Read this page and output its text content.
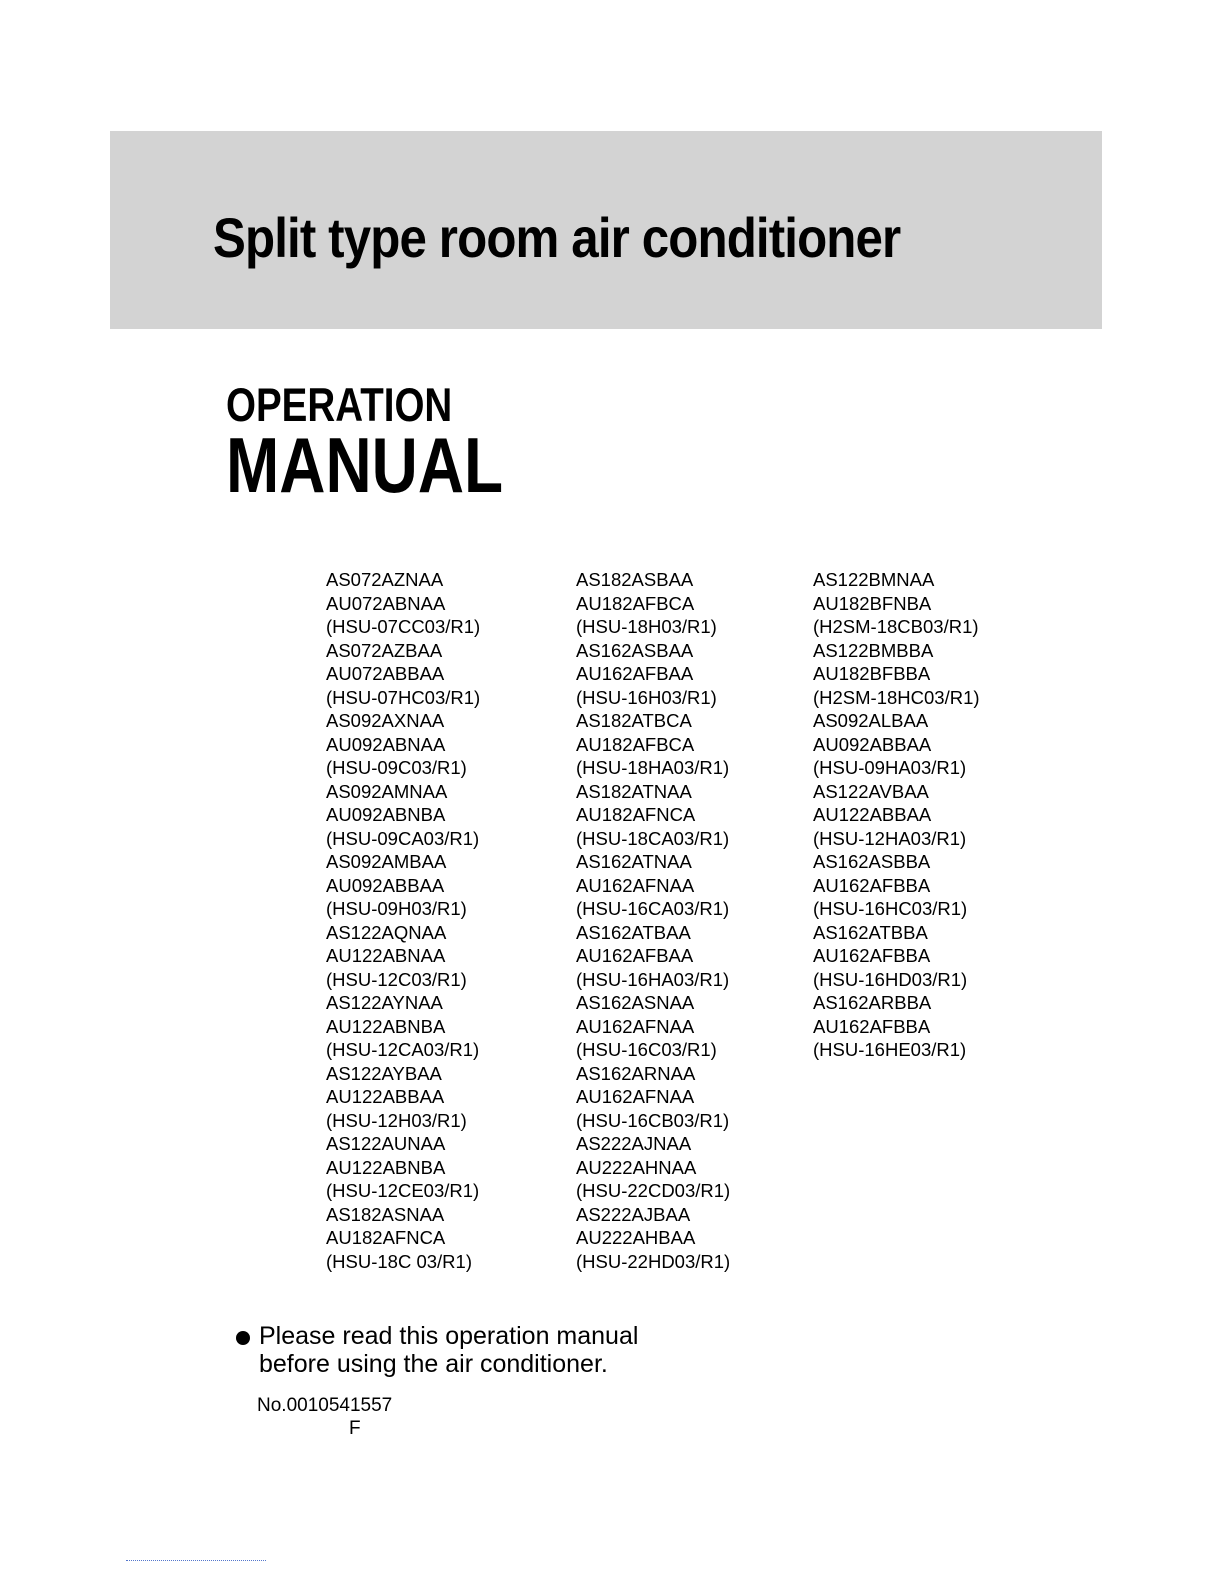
Split type room air conditioner
OPERATION
MANUAL
AS072AZNAA
AU072ABNAA
(HSU-07CC03/R1)
AS072AZBAA
AU072ABBAA
(HSU-07HC03/R1)
AS092AXNAA
AU092ABNAA
(HSU-09C03/R1)
AS092AMNAA
AU092ABNBA
(HSU-09CA03/R1)
AS092AMBAA
AU092ABBAA
(HSU-09H03/R1)
AS122AQNAA
AU122ABNAA
(HSU-12C03/R1)
AS122AYNAA
AU122ABNBA
(HSU-12CA03/R1)
AS122AYBAA
AU122ABBAA
(HSU-12H03/R1)
AS122AUNAA
AU122ABNBA
(HSU-12CE03/R1)
AS182ASNAA
AU182AFNCA
(HSU-18C 03/R1)
AS182ASBAA
AU182AFBCA
(HSU-18H03/R1)
AS162ASBAA
AU162AFBAA
(HSU-16H03/R1)
AS182ATBCA
AU182AFBCA
(HSU-18HA03/R1)
AS182ATNAA
AU182AFNCA
(HSU-18CA03/R1)
AS162ATNAA
AU162AFNAA
(HSU-16CA03/R1)
AS162ATBAA
AU162AFBAA
(HSU-16HA03/R1)
AS162ASNAA
AU162AFNAA
(HSU-16C03/R1)
AS162ARNAA
AU162AFNAA
(HSU-16CB03/R1)
AS222AJNAA
AU222AHNAA
(HSU-22CD03/R1)
AS222AJBAA
AU222AHBAA
(HSU-22HD03/R1)
AS122BMNAA
AU182BFNBA
(H2SM-18CB03/R1)
AS122BMBBA
AU182BFBBA
(H2SM-18HC03/R1)
AS092ALBAA
AU092ABBAA
(HSU-09HA03/R1)
AS122AVBAA
AU122ABBAA
(HSU-12HA03/R1)
AS162ASBBA
AU162AFBBA
(HSU-16HC03/R1)
AS162ATBBA
AU162AFBBA
(HSU-16HD03/R1)
AS162ARBBA
AU162AFBBA
(HSU-16HE03/R1)
Please read this operation manual
before using the air conditioner.
No.0010541557
F
